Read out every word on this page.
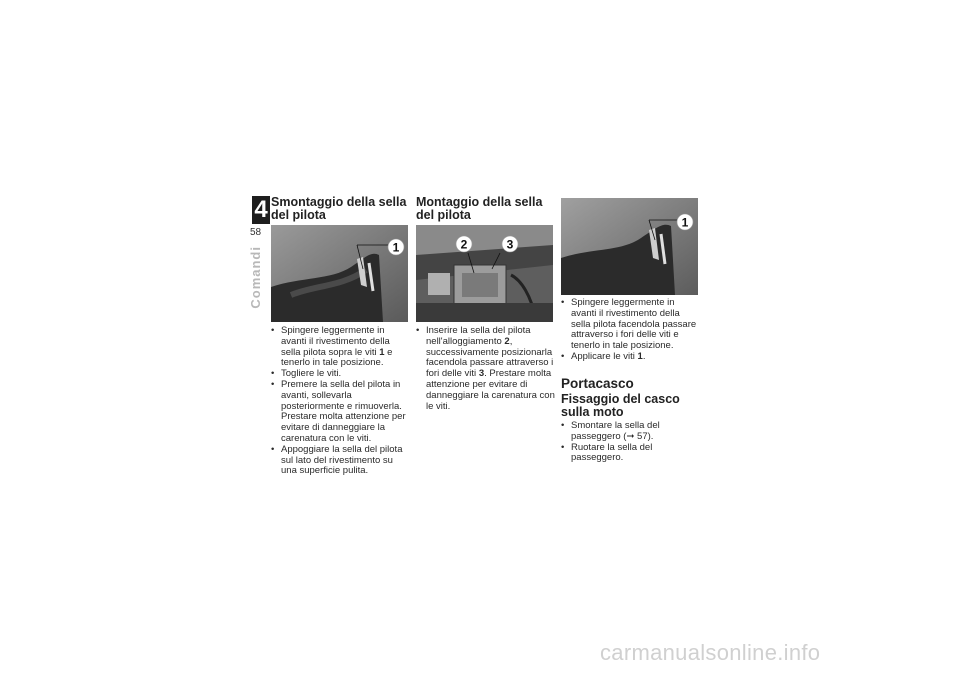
4
58
Comandi
Smontaggio della sella del pilota
1
• Spingere leggermente in avanti il rivestimento della sella pilota sopra le viti 1 e tenerlo in tale posizione.
• Togliere le viti.
• Premere la sella del pilota in avanti, sollevarla posteriormente e rimuoverla. Prestare molta attenzione per evitare di danneggiare la carenatura con le viti.
• Appoggiare la sella del pilota sul lato del rivestimento su una superficie pulita.
Montaggio della sella del pilota
2	3
• Inserire la sella del pilota nell'alloggiamento 2, successivamente posizionarla facendola passare attraverso i fori delle viti 3. Prestare molta attenzione per evitare di danneggiare la carenatura con le viti.
1
• Spingere leggermente in avanti il rivestimento della sella pilota facendola passare attraverso i fori delle viti e tenerlo in tale posizione.
• Applicare le viti 1.
Portacasco
Fissaggio del casco sulla moto
• Smontare la sella del passeggero (➞ 57).
• Ruotare la sella del passeggero.
carmanualsonline.info
